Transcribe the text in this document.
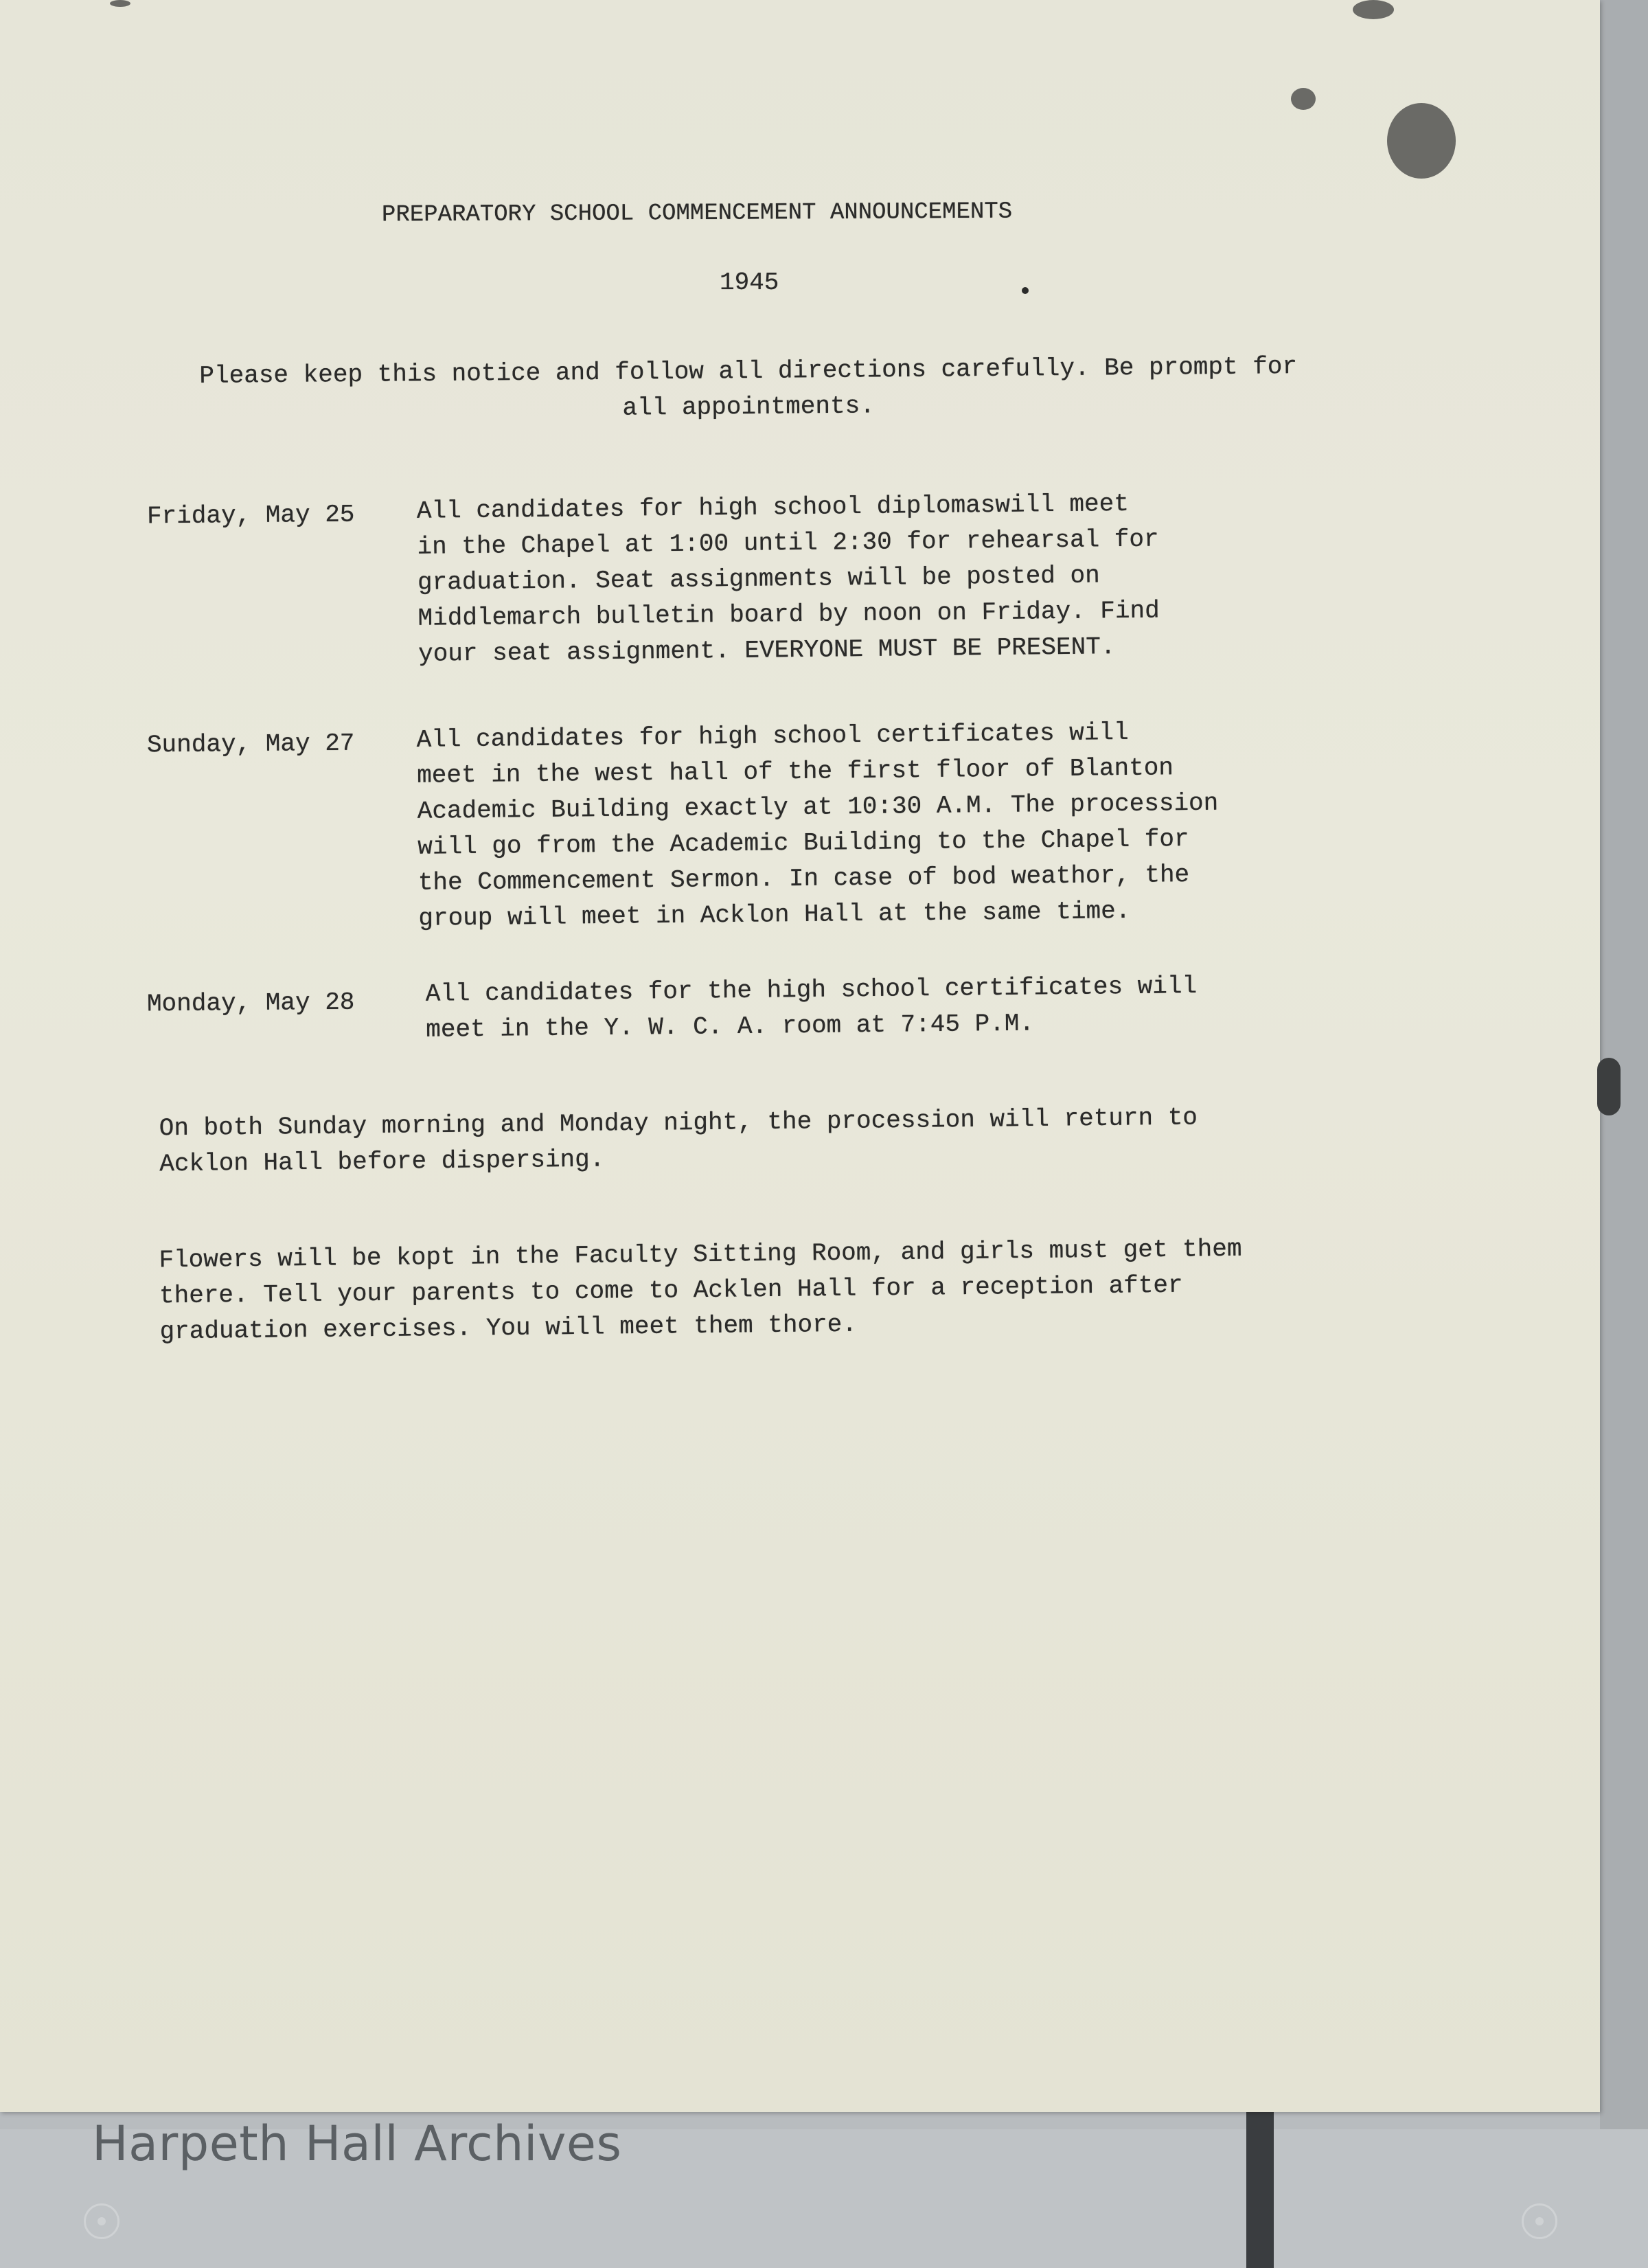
PREPARATORY SCHOOL COMMENCEMENT ANNOUNCEMENTS

1945

Please keep this notice and follow all directions carefully. Be prompt for
all appointments.

Friday, May 25	All candidates for high school diplomaswill meet
in the Chapel at 1:00 until 2:30 for rehearsal for
graduation. Seat assignments will be posted on
Middlemarch bulletin board by noon on Friday. Find
your seat assignment. EVERYONE MUST BE PRESENT.

Sunday, May 27 All candidates for high school certificates will
meet in the west hall of the first floor of Blanton
Academic Building exactly at 10:30 A.M. The procession
will go from the Academic Building to the Chapel for
the Commencement Sermon. In case of bod weathor, the
group will meet in Acklon Hall at the same time.

Monday, May 28	All candidates for the high school certificates will
meet in the Y. W. C. A. room at 7:45 P.M.

On both Sunday morning and Monday night, the procession will return to
Acklon Hall before dispersing.

Flowers will be kopt in the Faculty Sitting Room, and girls must get them
there. Tell your parents to come to Acklen Hall for a reception after
graduation exercises. You will meet them thore.

Harpeth Hall Archives
